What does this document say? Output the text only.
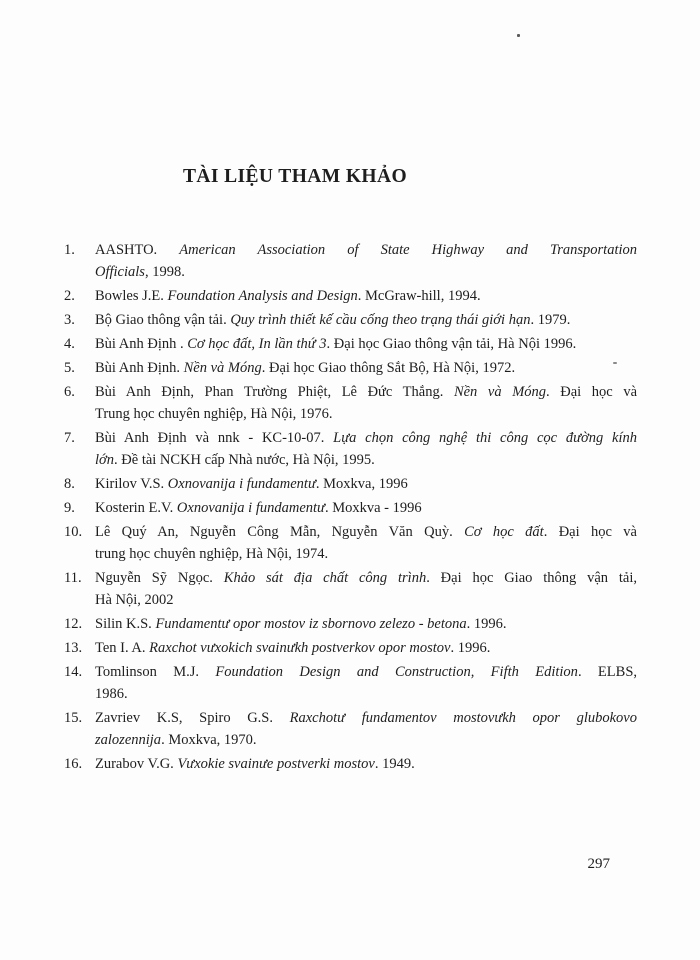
TÀI LIỆU THAM KHẢO
1.	AASHTO. American Association of State Highway and Transportation
Officials, 1998.
2.	Bowles J.E. Foundation Analysis and Design. McGraw-hill, 1994.
3.	Bộ Giao thông vận tải. Quy trình thiết kế cầu cống theo trạng thái giới hạn. 1979.
4.	Bùi Anh Định . Cơ học đất, In lần thứ 3. Đại học Giao thông vận tải, Hà Nội 1996.
5.	Bùi Anh Định. Nền và Móng. Đại học Giao thông Sắt Bộ, Hà Nội, 1972.
6.	Bùi Anh Định, Phan Trường Phiệt, Lê Đức Thắng. Nền và Móng. Đại học và
Trung học chuyên nghiệp, Hà Nội, 1976.
7.	Bùi Anh Định và nnk - KC-10-07. Lựa chọn công nghệ thi công cọc đường kính
lớn. Đề tài NCKH cấp Nhà nước, Hà Nội, 1995.
8.	Kirilov V.S. Oxnovanija i fundamentư. Moxkva, 1996
9.	Kosterin E.V. Oxnovanija i fundamentư. Moxkva - 1996
10. Lê Quý An, Nguyễn Công Mẫn, Nguyễn Văn Quỳ. Cơ học đất. Đại học và
trung học chuyên nghiệp, Hà Nội, 1974.
11. Nguyễn Sỹ Ngọc. Khảo sát địa chất công trình. Đại học Giao thông vận tải,
Hà Nội, 2002
12. Silin K.S. Fundamentư opor mostov iz sbornovo zelezo - betona. 1996.
13. Ten I. A. Raxchot vưxokich svainưkh postverkov opor mostov. 1996.
14. Tomlinson M.J. Foundation Design and Construction, Fifth Edition. ELBS,
1986.
15. Zavriev K.S, Spiro G.S. Raxchotư fundamentov mostovưkh opor glubokovo
zalozennija. Moxkva, 1970.
16. Zurabov V.G. Vưxokie svainưe postverki mostov. 1949.
297
